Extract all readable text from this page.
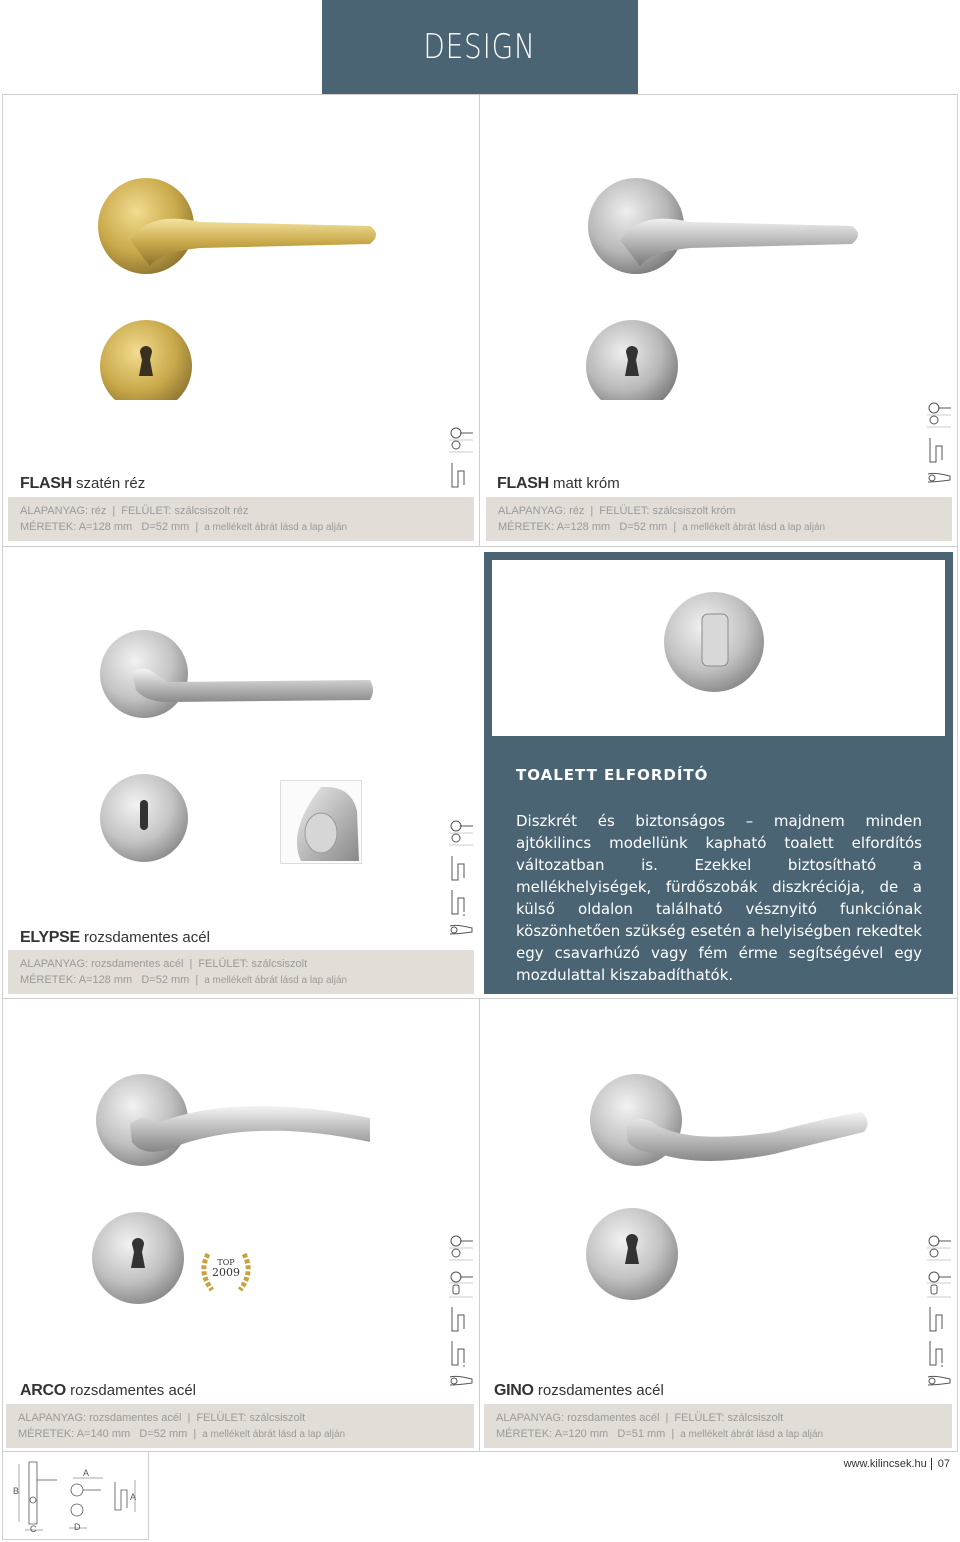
DESIGN
FLASH szatén réz
ALAPANYAG: réz | FELÜLET: szálcsiszolt réz
MÉRETEK: A=128 mm D=52 mm | a mellékelt ábrát lásd a lap alján
FLASH matt króm
ALAPANYAG: réz | FELÜLET: szálcsiszolt króm
MÉRETEK: A=128 mm D=52 mm | a mellékelt ábrát lásd a lap alján
ELYPSE rozsdamentes acél
ALAPANYAG: rozsdamentes acél | FELÜLET: szálcsiszolt
MÉRETEK: A=128 mm D=52 mm | a mellékelt ábrát lásd a lap alján
TOALETT ELFORDÍTÓ
Diszkrét és biztonságos – majdnem minden ajtókilincs modellünk kapható toalett elfordítós változatban is. Ezekkel biztosítható a mellékhelyiségek, fürdőszobák diszkréciója, de a külső oldalon található vésznyitó funkciónak köszönhetően szükség esetén a helyiségben rekedtek egy csavarhúzó vagy fém érme segítségével egy mozdulattal kiszabadíthatók.
TOP
2009
ARCO rozsdamentes acél
ALAPANYAG: rozsdamentes acél | FELÜLET: szálcsiszolt
MÉRETEK: A=140 mm D=52 mm | a mellékelt ábrát lásd a lap alján
GINO rozsdamentes acél
ALAPANYAG: rozsdamentes acél | FELÜLET: szálcsiszolt
MÉRETEK: A=120 mm D=51 mm | a mellékelt ábrát lásd a lap alján
B
C
A
D
A
www.kilincsek.hu 07
